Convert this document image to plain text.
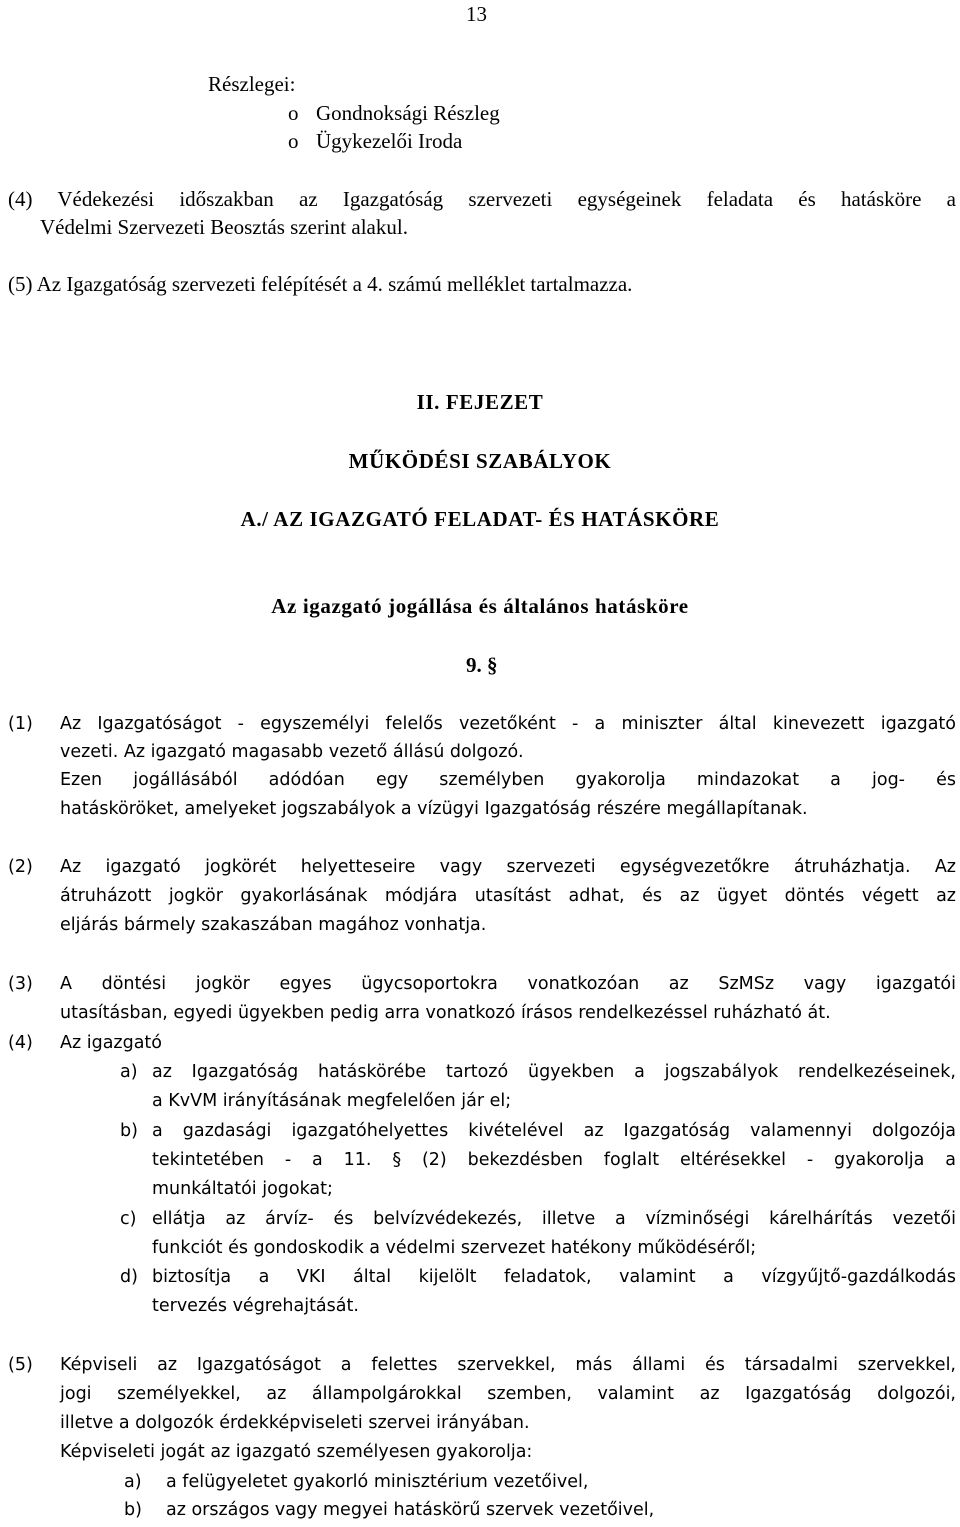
13
Részlegei:
o Gondnoksági Részleg
o Ügykezelői Iroda
(4) Védekezési időszakban az Igazgatóság szervezeti egységeinek feladata és hatásköre a
Védelmi Szervezeti Beosztás szerint alakul.
(5) Az Igazgatóság szervezeti felépítését a 4. számú melléklet tartalmazza.
II. FEJEZET
MŰKÖDÉSI SZABÁLYOK
A./ AZ IGAZGATÓ FELADAT- ÉS HATÁSKÖRE
Az igazgató jogállása és általános hatásköre
9. §
(1) Az Igazgatóságot - egyszemélyi felelős vezetőként - a miniszter által kinevezett igazgató
vezeti. Az igazgató magasabb vezető állású dolgozó.
Ezen jogállásából adódóan egy személyben gyakorolja mindazokat a jog- és
hatásköröket, amelyeket jogszabályok a vízügyi Igazgatóság részére megállapítanak.
(2) Az igazgató jogkörét helyetteseire vagy szervezeti egységvezetőkre átruházhatja. Az
átruházott jogkör gyakorlásának módjára utasítást adhat, és az ügyet döntés végett az
eljárás bármely szakaszában magához vonhatja.
(3) A döntési jogkör egyes ügycsoportokra vonatkozóan az SzMSz vagy igazgatói
utasításban, egyedi ügyekben pedig arra vonatkozó írásos rendelkezéssel ruházható át.
(4) Az igazgató
a) az Igazgatóság hatáskörébe tartozó ügyekben a jogszabályok rendelkezéseinek,
a KvVM irányításának megfelelően jár el;
b) a gazdasági igazgatóhelyettes kivételével az Igazgatóság valamennyi dolgozója
tekintetében - a 11. § (2) bekezdésben foglalt eltérésekkel - gyakorolja a
munkáltatói jogokat;
c) ellátja az árvíz- és belvízvédekezés, illetve a vízminőségi kárelhárítás vezetői
funkciót és gondoskodik a védelmi szervezet hatékony működéséről;
d) biztosítja a VKI által kijelölt feladatok, valamint a vízgyűjtő-gazdálkodás
tervezés végrehajtását.
(5) Képviseli az Igazgatóságot a felettes szervekkel, más állami és társadalmi szervekkel,
jogi személyekkel, az állampolgárokkal szemben, valamint az Igazgatóság dolgozói,
illetve a dolgozók érdekképviseleti szervei irányában.
Képviseleti jogát az igazgató személyesen gyakorolja:
a) a felügyeletet gyakorló minisztérium vezetőivel,
b) az országos vagy megyei hatáskörű szervek vezetőivel,
